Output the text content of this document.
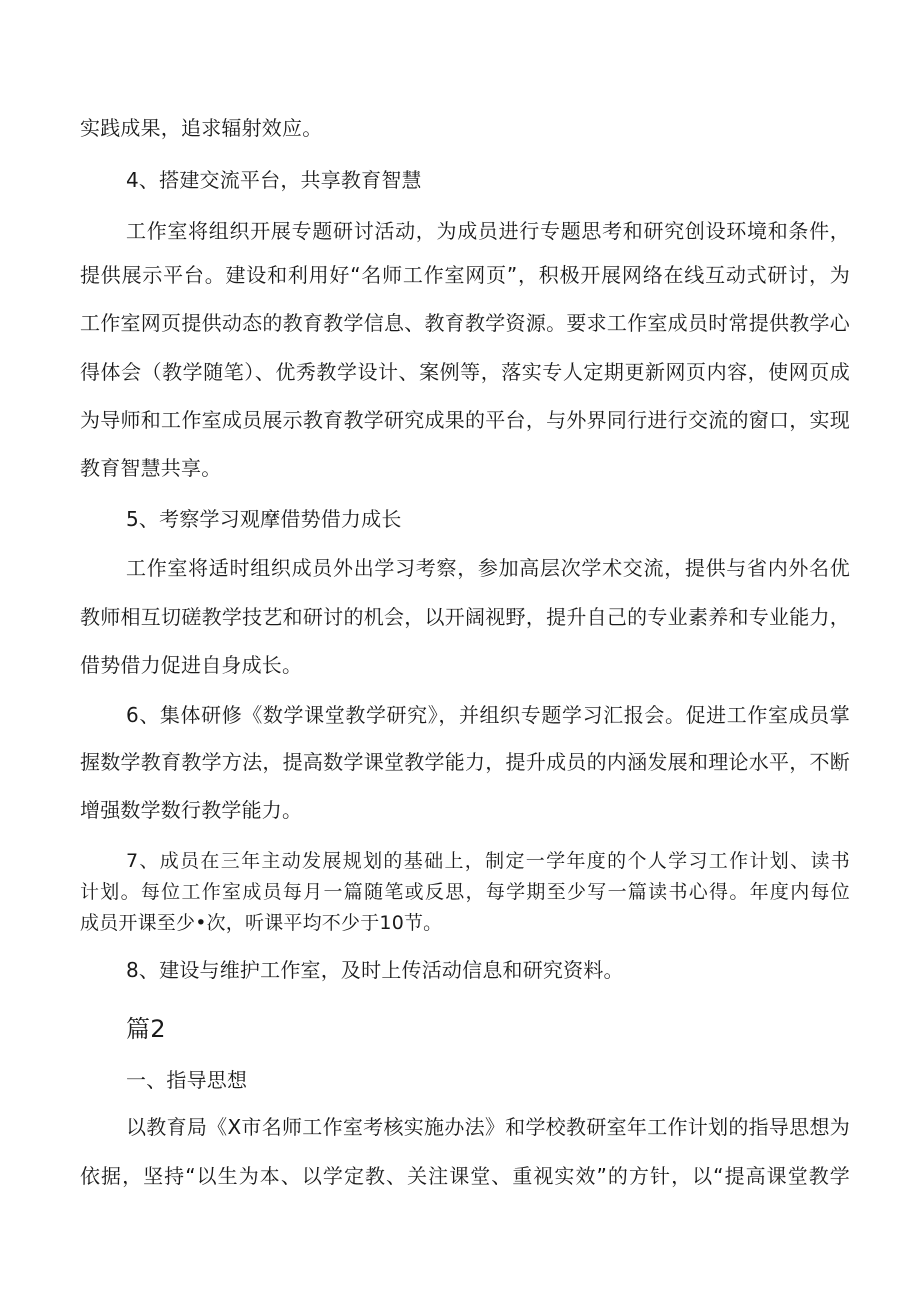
实践成果，追求辐射效应。
4、搭建交流平台，共享教育智慧
工作室将组织开展专题研讨活动，为成员进行专题思考和研究创设环境和条件，
提供展示平台。建设和利用好“名师工作室网页”，积极开展网络在线互动式研讨，为
工作室网页提供动态的教育教学信息、教育教学资源。要求工作室成员时常提供教学心
得体会（教学随笔）、优秀教学设计、案例等，落实专人定期更新网页内容，使网页成
为导师和工作室成员展示教育教学研究成果的平台，与外界同行进行交流的窗口，实现
教育智慧共享。
5、考察学习观摩借势借力成长
工作室将适时组织成员外出学习考察，参加高层次学术交流，提供与省内外名优
教师相互切磋教学技艺和研讨的机会，以开阔视野，提升自己的专业素养和专业能力，
借势借力促进自身成长。
6、集体研修《数学课堂教学研究》，并组织专题学习汇报会。促进工作室成员掌
握数学教育教学方法，提高数学课堂教学能力，提升成员的内涵发展和理论水平，不断
增强数学数行教学能力。
7、成员在三年主动发展规划的基础上，制定一学年度的个人学习工作计划、读书
计划。每位工作室成员每月一篇随笔或反思，每学期至少写一篇读书心得。年度内每位
成员开课至少•次，听课平均不少于10节。
8、建设与维护工作室，及时上传活动信息和研究资料。
篇2
一、指导思想
以教育局《X市名师工作室考核实施办法》和学校教研室年工作计划的指导思想为
依据，坚持“以生为本、以学定教、关注课堂、重视实效”的方针，以“提高课堂教学
